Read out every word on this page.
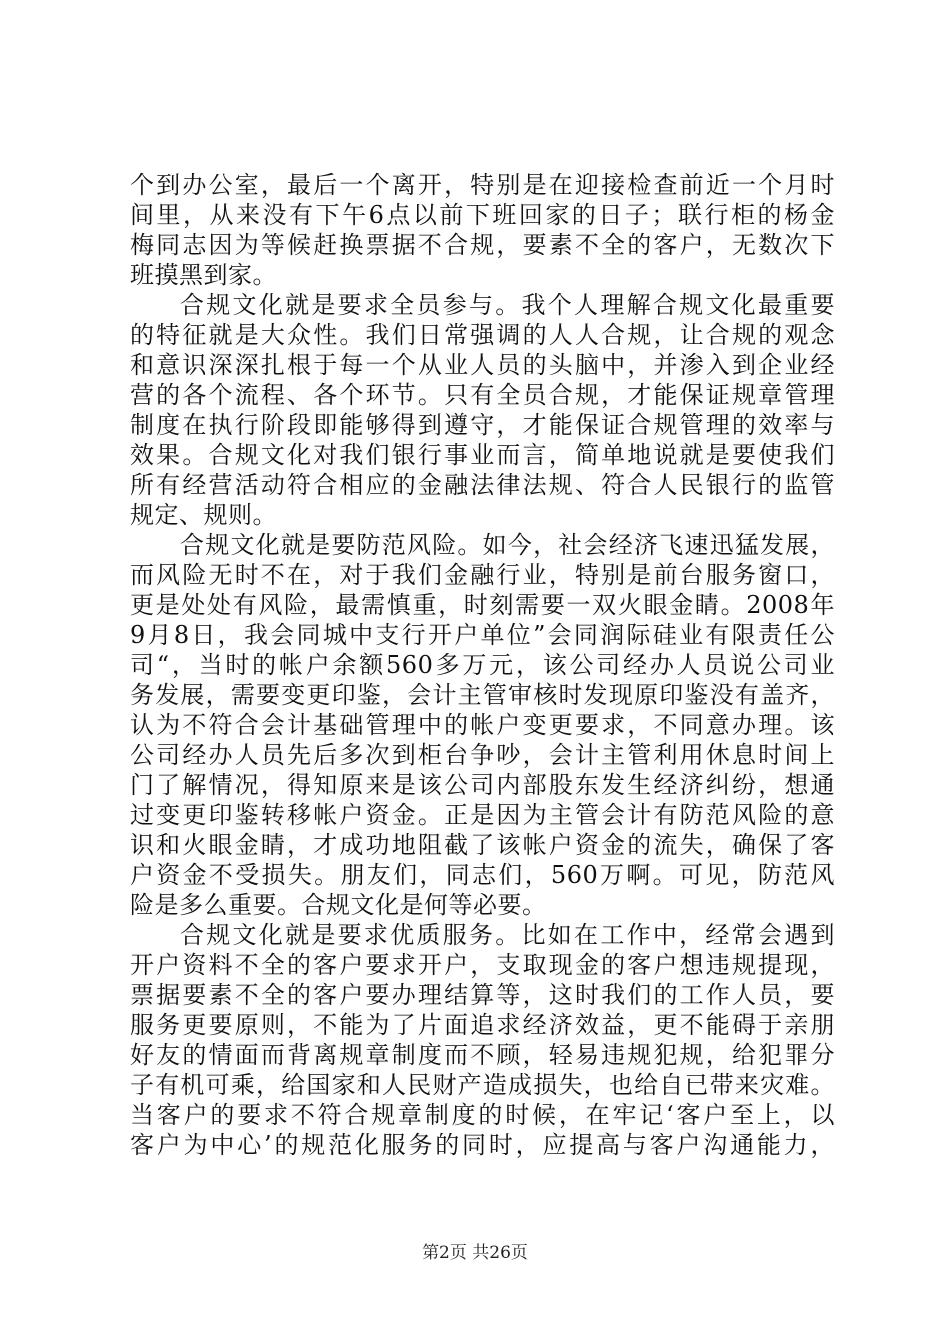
个到办公室，最后一个离开，特别是在迎接检查前近一个月时
间里，从来没有下午6点以前下班回家的日子；联行柜的杨金
梅同志因为等候赶换票据不合规，要素不全的客户，无数次下
班摸黑到家。
合规文化就是要求全员参与。我个人理解合规文化最重要
的特征就是大众性。我们日常强调的人人合规，让合规的观念
和意识深深扎根于每一个从业人员的头脑中，并渗入到企业经
营的各个流程、各个环节。只有全员合规，才能保证规章管理
制度在执行阶段即能够得到遵守，才能保证合规管理的效率与
效果。合规文化对我们银行事业而言，简单地说就是要使我们
所有经营活动符合相应的金融法律法规、符合人民银行的监管
规定、规则。
合规文化就是要防范风险。如今，社会经济飞速迅猛发展，
而风险无时不在，对于我们金融行业，特别是前台服务窗口，
更是处处有风险，最需慎重，时刻需要一双火眼金睛。2008年
9月8日，我会同城中支行开户单位”会同润际硅业有限责任公
司“，当时的帐户余额560多万元，该公司经办人员说公司业
务发展，需要变更印鉴，会计主管审核时发现原印鉴没有盖齐，
认为不符合会计基础管理中的帐户变更要求，不同意办理。该
公司经办人员先后多次到柜台争吵，会计主管利用休息时间上
门了解情况，得知原来是该公司内部股东发生经济纠纷，想通
过变更印鉴转移帐户资金。正是因为主管会计有防范风险的意
识和火眼金睛，才成功地阻截了该帐户资金的流失，确保了客
户资金不受损失。朋友们，同志们，560万啊。可见，防范风
险是多么重要。合规文化是何等必要。
合规文化就是要求优质服务。比如在工作中，经常会遇到
开户资料不全的客户要求开户，支取现金的客户想违规提现，
票据要素不全的客户要办理结算等，这时我们的工作人员，要
服务更要原则，不能为了片面追求经济效益，更不能碍于亲朋
好友的情面而背离规章制度而不顾，轻易违规犯规，给犯罪分
子有机可乘，给国家和人民财产造成损失，也给自已带来灾难。
当客户的要求不符合规章制度的时候，在牢记‘客户至上，以
客户为中心’的规范化服务的同时，应提高与客户沟通能力，
第2页 共26页
